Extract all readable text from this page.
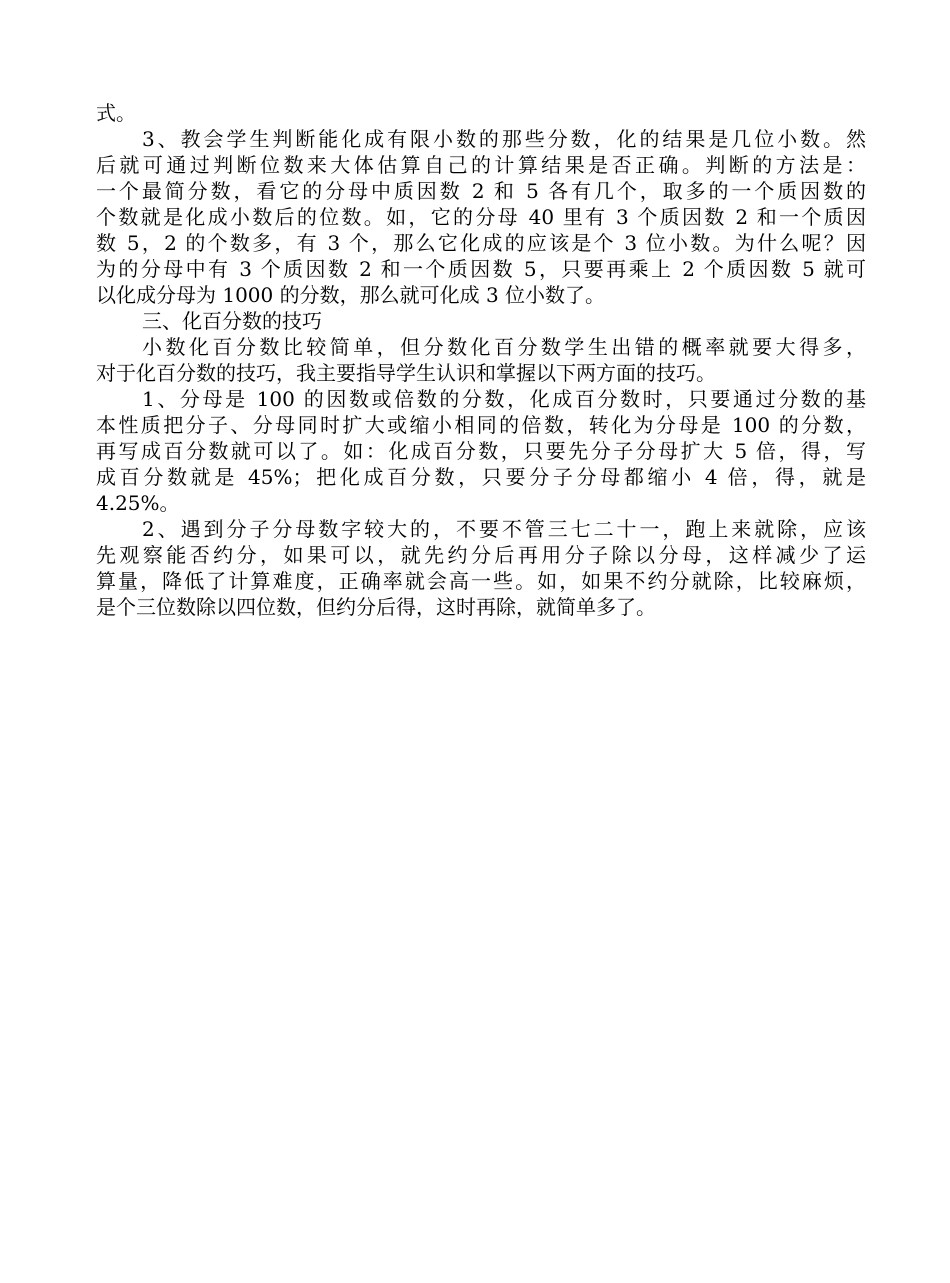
式。
3、教会学生判断能化成有限小数的那些分数，化的结果是几位小数。然
后就可通过判断位数来大体估算自己的计算结果是否正确。判断的方法是：
一个最简分数，看它的分母中质因数 2 和 5 各有几个，取多的一个质因数的
个数就是化成小数后的位数。如，它的分母 40 里有 3 个质因数 2 和一个质因
数 5，2 的个数多，有 3 个，那么它化成的应该是个 3 位小数。为什么呢？因
为的分母中有 3 个质因数 2 和一个质因数 5，只要再乘上 2 个质因数 5 就可
以化成分母为 1000 的分数，那么就可化成 3 位小数了。
三、化百分数的技巧
小数化百分数比较简单，但分数化百分数学生出错的概率就要大得多，
对于化百分数的技巧，我主要指导学生认识和掌握以下两方面的技巧。
1、分母是 100 的因数或倍数的分数，化成百分数时，只要通过分数的基
本性质把分子、分母同时扩大或缩小相同的倍数，转化为分母是 100 的分数，
再写成百分数就可以了。如：化成百分数，只要先分子分母扩大 5 倍，得，写
成百分数就是 45%；把化成百分数，只要分子分母都缩小 4 倍，得，就是
4.25%。
2、遇到分子分母数字较大的，不要不管三七二十一，跑上来就除，应该
先观察能否约分，如果可以，就先约分后再用分子除以分母，这样减少了运
算量，降低了计算难度，正确率就会高一些。如，如果不约分就除，比较麻烦，
是个三位数除以四位数，但约分后得，这时再除，就简单多了。
